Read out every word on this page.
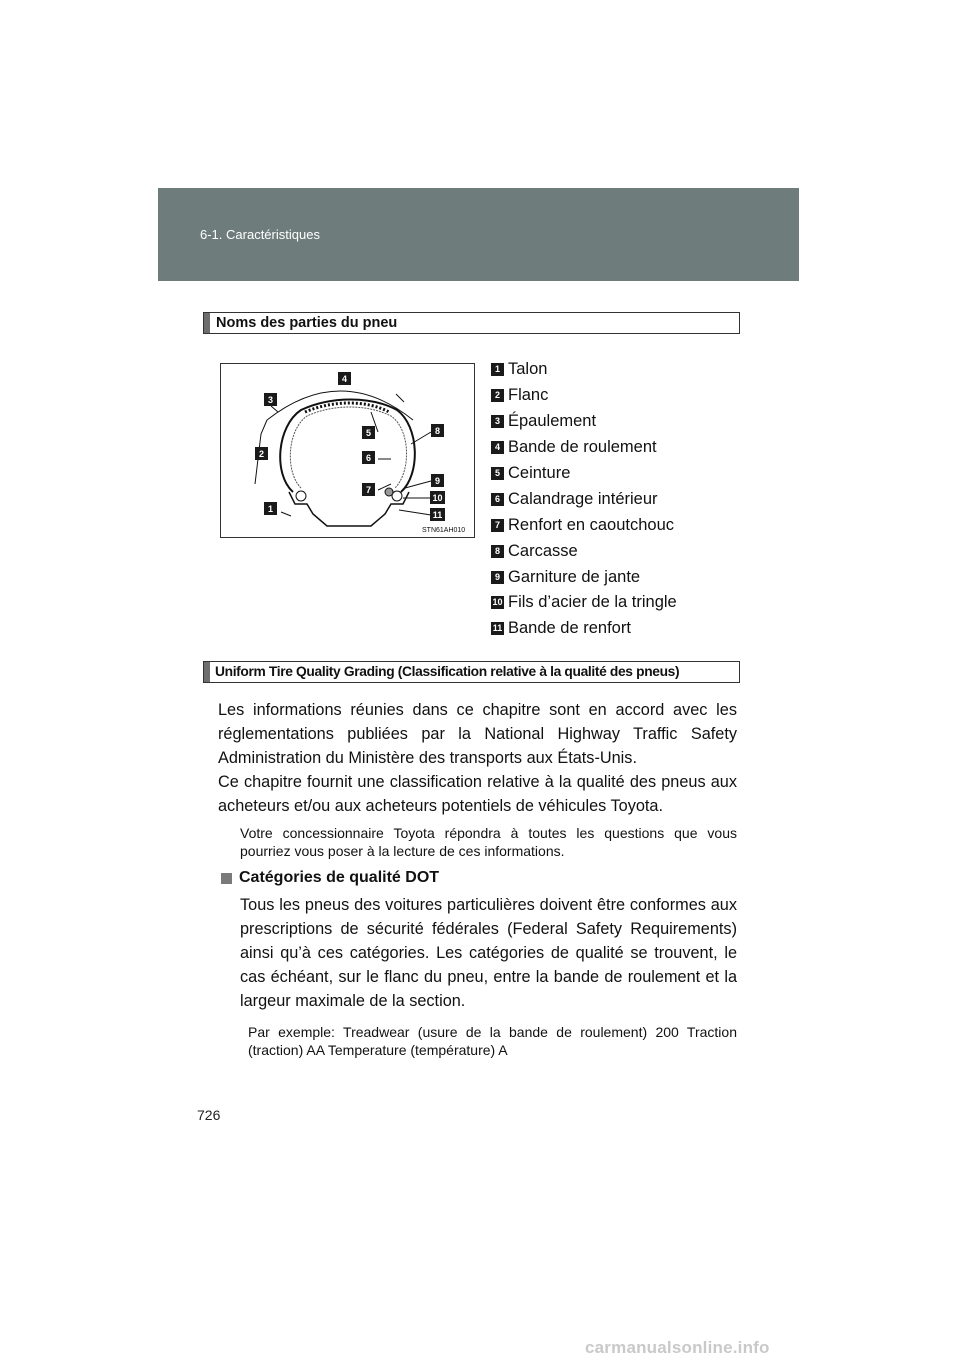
6-1. Caractéristiques
Noms des parties du pneu
1
2
3
4
5
6
7
8
9
10
11
STN61AH010
1 Talon
2 Flanc
3 Épaulement
4 Bande de roulement
5 Ceinture
6 Calandrage intérieur
7 Renfort en caoutchouc
8 Carcasse
9 Garniture de jante
10 Fils d’acier de la tringle
11 Bande de renfort
Uniform Tire Quality Grading (Classification relative à la qualité des pneus)

Les informations réunies dans ce chapitre sont en accord avec les réglementations publiées par la National Highway Traffic Safety Administration du Ministère des transports aux États-Unis.

Ce chapitre fournit une classification relative à la qualité des pneus aux acheteurs et/ou aux acheteurs potentiels de véhicules Toyota.

Votre concessionnaire Toyota répondra à toutes les questions que vous pourriez vous poser à la lecture de ces informations.

Catégories de qualité DOT

Tous les pneus des voitures particulières doivent être conformes aux prescriptions de sécurité fédérales (Federal Safety Requirements) ainsi qu’à ces catégories. Les catégories de qualité se trouvent, le cas échéant, sur le flanc du pneu, entre la bande de roulement et la largeur maximale de la section.

Par exemple: Treadwear (usure de la bande de roulement) 200 Traction (traction) AA Temperature (température) A

726
carmanualsonline.info
